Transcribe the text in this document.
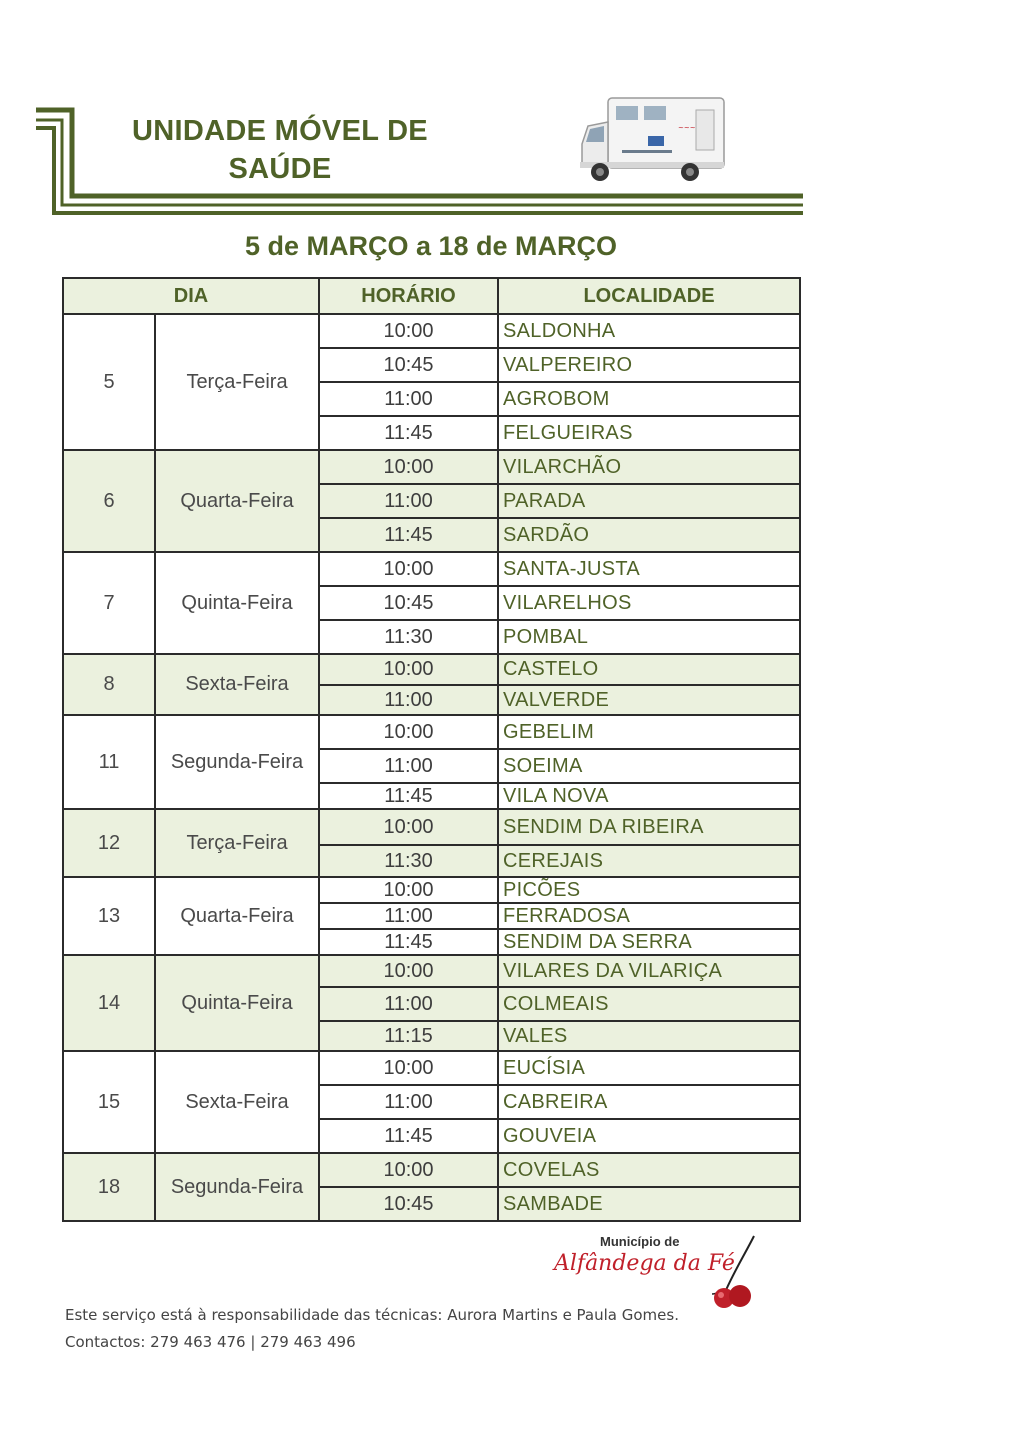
UNIDADE MÓVEL DE
SAÚDE
~~~
5 de MARÇO a 18 de MARÇO
DIA		HORÁRIO	LOCALIDADE
5	Terça-Feira	10:00	SALDONHA
		10:45	VALPEREIRO
		11:00	AGROBOM
		11:45	FELGUEIRAS
6	Quarta-Feira	10:00	VILARCHÃO
		11:00	PARADA
		11:45	SARDÃO
7	Quinta-Feira	10:00	SANTA-JUSTA
		10:45	VILARELHOS
		11:30	POMBAL
8	Sexta-Feira	10:00	CASTELO
		11:00	VALVERDE
11	Segunda-Feira	10:00	GEBELIM
		11:00	SOEIMA
		11:45	VILA NOVA
12	Terça-Feira	10:00	SENDIM DA RIBEIRA
		11:30	CEREJAIS
13	Quarta-Feira	10:00	PICÕES
		11:00	FERRADOSA
		11:45	SENDIM DA SERRA
14	Quinta-Feira	10:00	VILARES DA VILARIÇA
		11:00	COLMEAIS
		11:15	VALES
15	Sexta-Feira	10:00	EUCÍSIA
		11:00	CABREIRA
		11:45	GOUVEIA
18	Segunda-Feira	10:00	COVELAS
		10:45	SAMBADE
Município de
Alfândega da Fé
Este serviço está à responsabilidade das técnicas: Aurora Martins e Paula Gomes.
Contactos: 279 463 476 | 279 463 496
